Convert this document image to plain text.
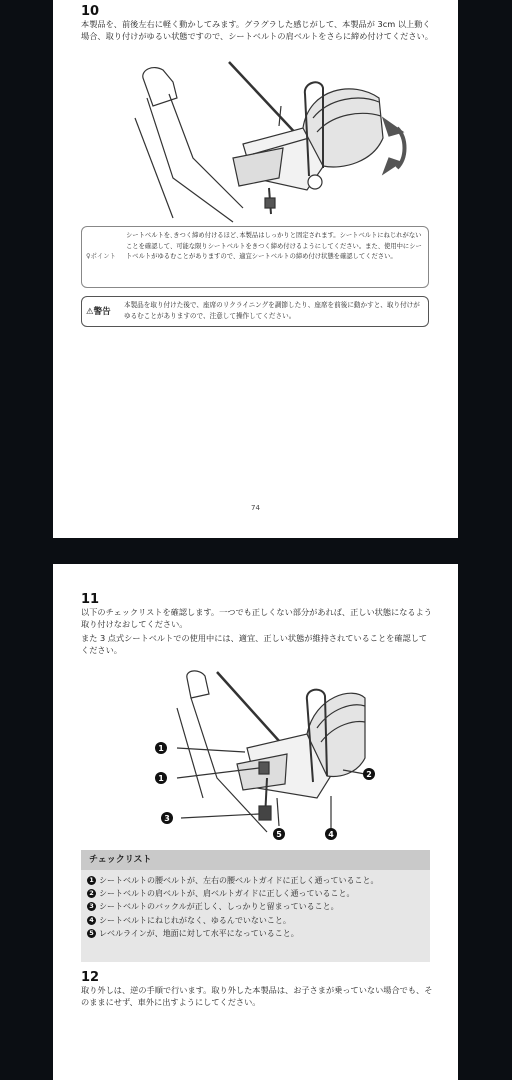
10
本製品を、前後左右に軽く動かしてみます。グラグラした感じがして、本製品が 3cm 以上動く場合、取り付けがゆるい状態ですので、シートベルトの肩ベルトをさらに締め付けてください。
♀ポイント
シートベルトを､きつく締め付けるほど､本製品はしっかりと固定されます。シートベルトにねじれがないことを確認して、可能な限りシートベルトをきつく締め付けるようにしてください。また、使用中にシートベルトがゆるむことがありますので、適宜シートベルトの締め付け状態を確認してください。
⚠警告
本製品を取り付けた後で、座席のリクライニングを調節したり、座席を前後に動かすと、取り付けがゆるむことがありますので、注意して操作してください。
74
11
以下のチェックリストを確認します。一つでも正しくない部分があれば、正しい状態になるよう取り付けなおしてください。
また 3 点式シートベルトでの使用中には、適宜、正しい状態が維持されていることを確認してください。
1
1	2
3
4
5
チェックリスト
1 シートベルトの腰ベルトが、左右の腰ベルトガイドに正しく通っていること。
2 シートベルトの肩ベルトが、肩ベルトガイドに正しく通っていること。
3 シートベルトのバックルが正しく、しっかりと留まっていること。
4 シートベルトにねじれがなく、ゆるんでいないこと。
5 レベルラインが、地面に対して水平になっていること。
12
取り外しは、逆の手順で行います。取り外した本製品は、お子さまが乗っていない場合でも、そのままにせず、車外に出すようにしてください。
